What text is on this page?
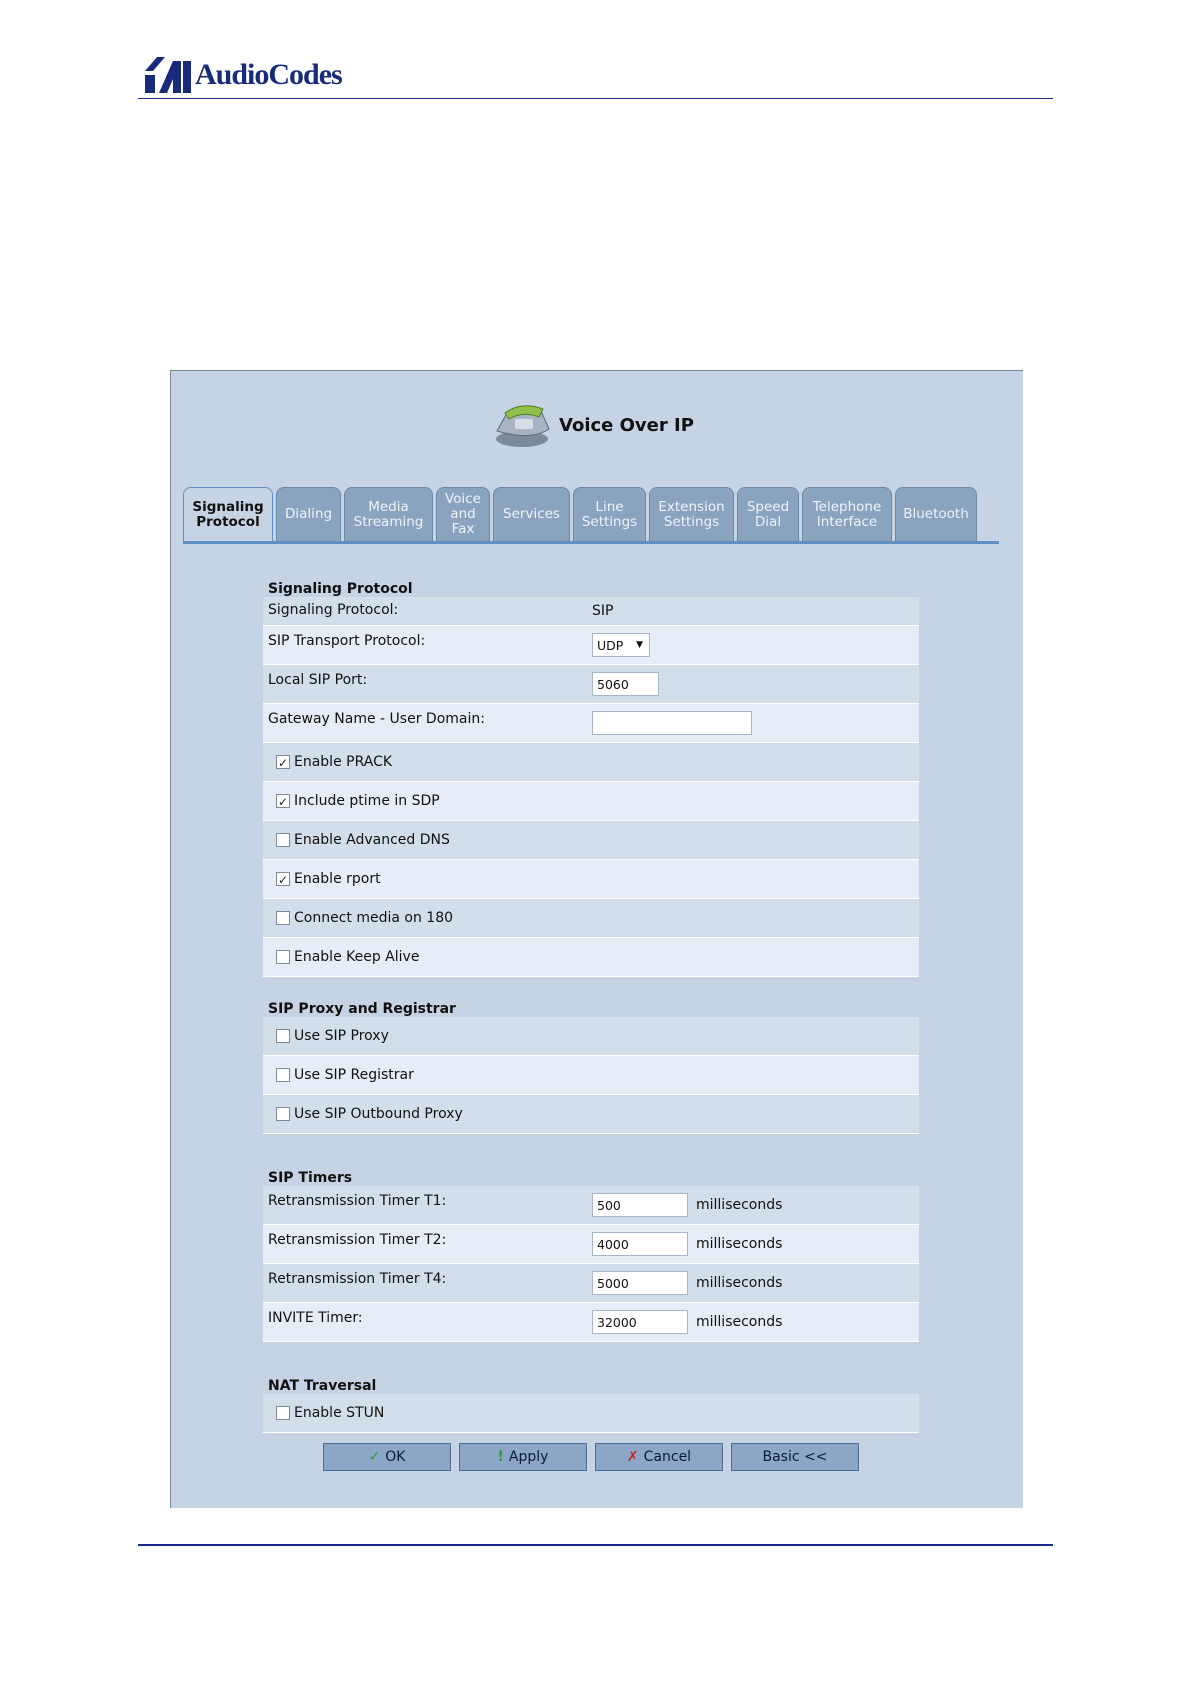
AudioCodes
Voice Over IP
Signaling
Protocol	Dialing	Media
Streaming
Voice
and
Fax
Services	Line
Settings
Extension
Settings
Speed
Dial
Telephone
Interface	Bluetooth
Signaling Protocol
Signaling Protocol:	SIP
SIP Transport Protocol:	UDP ▼
Local SIP Port:	5060
Gateway Name - User Domain:
✓ Enable PRACK
✓ Include ptime in SDP
Enable Advanced DNS
✓ Enable rport
Connect media on 180
Enable Keep Alive
SIP Proxy and Registrar
Use SIP Proxy
Use SIP Registrar
Use SIP Outbound Proxy
SIP Timers
Retransmission Timer T1:	500	milliseconds
Retransmission Timer T2:	4000	milliseconds
Retransmission Timer T4:	5000	milliseconds
INVITE Timer:	32000	milliseconds
NAT Traversal
Enable STUN
✓ OK	! Apply	✗ Cancel	Basic <<
